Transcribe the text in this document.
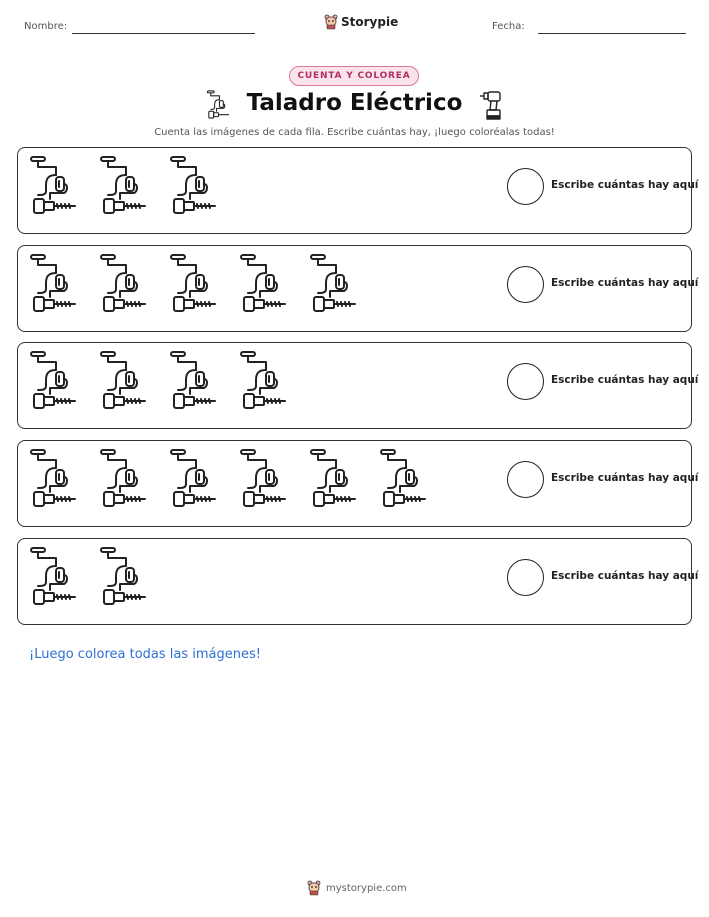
Nombre:	Storypie	Fecha:
CUENTA Y COLOREA
Taladro Eléctrico
Cuenta las imágenes de cada fila. Escribe cuántas hay, ¡luego coloréalas todas!
Escribe cuántas hay aquí
Escribe cuántas hay aquí
Escribe cuántas hay aquí
Escribe cuántas hay aquí
Escribe cuántas hay aquí
¡Luego colorea todas las imágenes!
mystorypie.com
